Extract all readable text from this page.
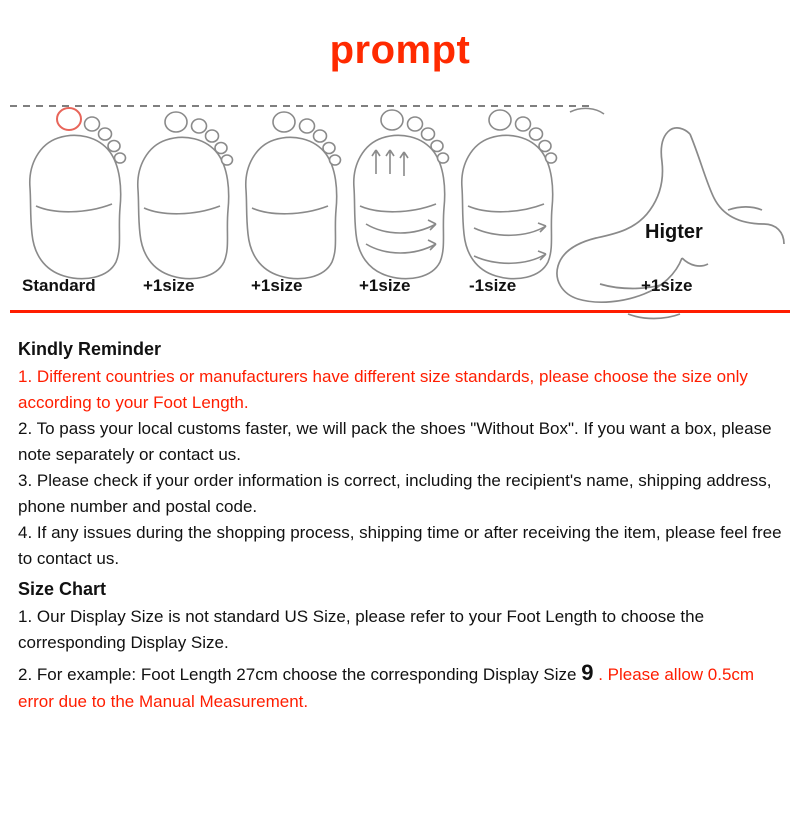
prompt
Higter
Standard	+1size	+1size	+1size	-1size	+1size
Kindly Reminder

1. Different countries or manufacturers have different size standards, please choose the size only according to your Foot Length.

2. To pass your local customs faster, we will pack the shoes "Without Box". If you want a box, please note separately or contact us.

3. Please check if your order information is correct, including the recipient's name, shipping address, phone number and postal code.

4. If any issues during the shopping process, shipping time or after receiving the item, please feel free to contact us.

Size Chart

1. Our Display Size is not standard US Size, please refer to your Foot Length to choose the corresponding Display Size.

2. For example: Foot Length 27cm choose the corresponding Display Size 9 . Please allow 0.5cm error due to the Manual Measurement.
